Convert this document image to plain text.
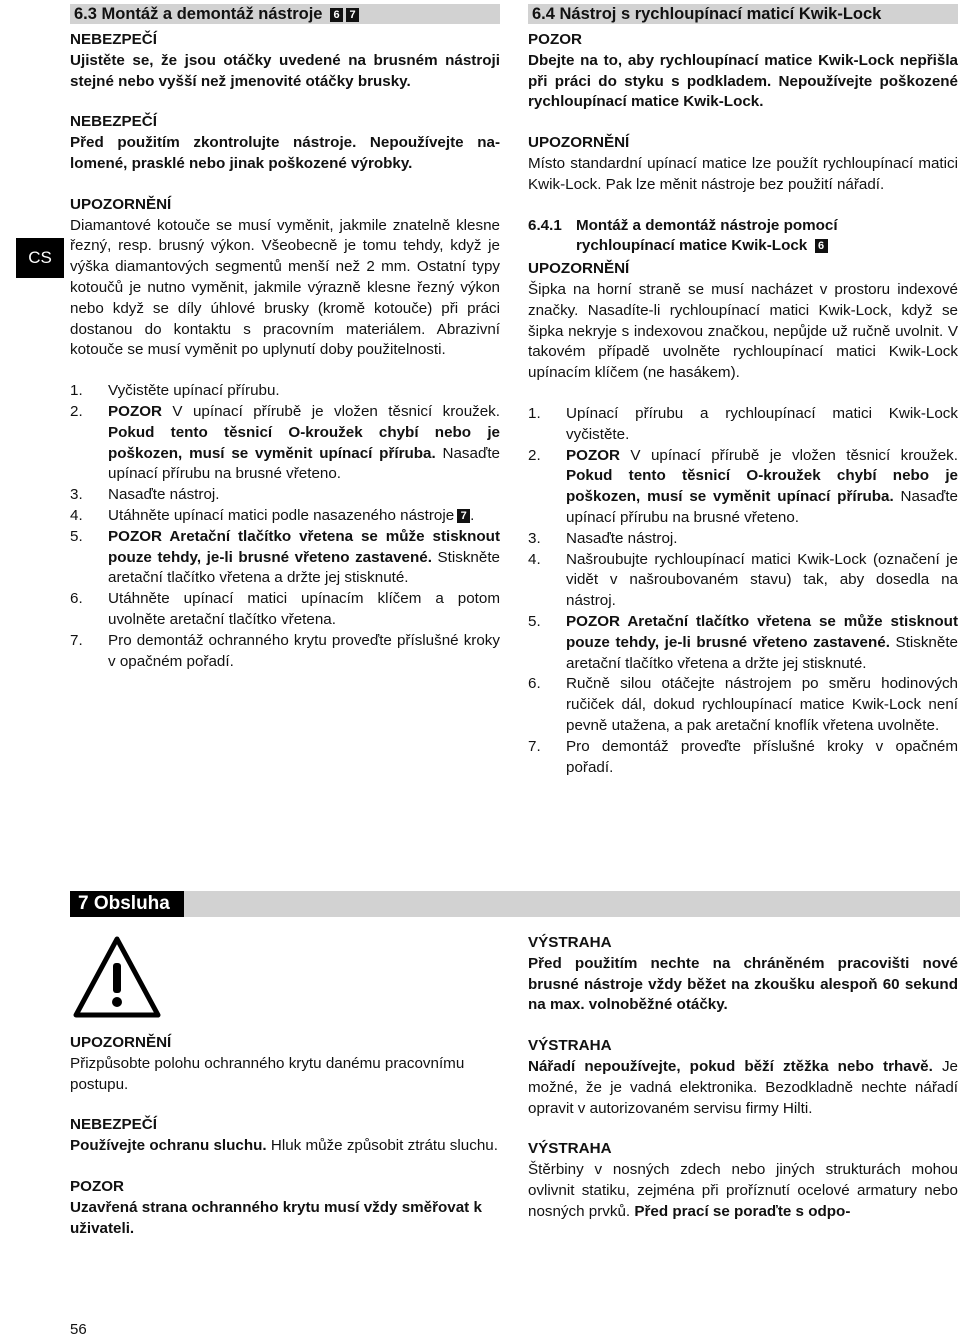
CS
6.3 Montáž a demontáž nástroje 6 7

NEBEZPEČÍ

Ujistěte se, že jsou otáčky uvedené na brusném nástroji stejné nebo vyšší než jmenovité otáčky brusky.

NEBEZPEČÍ

Před použitím zkontrolujte nástroje. Nepoužívejte nalomené, prasklé nebo jinak poškozené výrobky.

UPOZORNĚNÍ

Diamantové kotouče se musí vyměnit, jakmile znatelně klesne řezný, resp. brusný výkon. Všeobecně je tomu tehdy, když je výška diamantových segmentů menší než 2 mm. Ostatní typy kotoučů je nutno vyměnit, jakmile výrazně klesne řezný výkon nebo když se díly úhlové brusky (kromě kotouče) při práci dostanou do kontaktu s pracovním materiálem. Abrazivní kotouče se musí vyměnit po uplynutí doby použitelnosti.

1. Vyčistěte upínací přírubu.
2. POZOR V upínací přírubě je vložen těsnicí kroužek. Pokud tento těsnicí O-kroužek chybí nebo je poškozen, musí se vyměnit upínací příruba. Nasaďte upínací přírubu na brusné vřeteno.
3. Nasaďte nástroj.
4. Utáhněte upínací matici podle nasazeného nástroje 7 .
5. POZOR Aretační tlačítko vřetena se může stisknout pouze tehdy, je-li brusné vřeteno zastavené. Stiskněte aretační tlačítko vřetena a držte jej stisknuté.
6. Utáhněte upínací matici upínacím klíčem a potom uvolněte aretační tlačítko vřetena.
7. Pro demontáž ochranného krytu proveďte příslušné kroky v opačném pořadí.
6.4 Nástroj s rychloupínací maticí Kwik-Lock

POZOR

Dbejte na to, aby rychloupínací matice Kwik-Lock nepřišla při práci do styku s podkladem. Nepoužívejte poškozené rychloupínací matice Kwik-Lock.

UPOZORNĚNÍ

Místo standardní upínací matice lze použít rychloupínací matici Kwik-Lock. Pak lze měnit nástroje bez použití nářadí.

6.4.1 Montáž a demontáž nástroje pomocí

rychloupínací matice Kwik-Lock 6

UPOZORNĚNÍ

Šipka na horní straně se musí nacházet v prostoru indexové značky. Nasadíte-li rychloupínací matici Kwik-Lock, když se šipka nekryje s indexovou značkou, nepůjde už ručně uvolnit. V takovém případě uvolněte rychloupínací matici Kwik-Lock upínacím klíčem (ne hasákem).

1. Upínací přírubu a rychloupínací matici Kwik-Lock vyčistěte.
2. POZOR V upínací přírubě je vložen těsnicí kroužek. Pokud tento těsnicí O-kroužek chybí nebo je poškozen, musí se vyměnit upínací příruba. Nasaďte upínací přírubu na brusné vřeteno.
3. Nasaďte nástroj.
4. Našroubujte rychloupínací matici Kwik-Lock (označení je vidět v našroubovaném stavu) tak, aby dosedla na nástroj.
5. POZOR Aretační tlačítko vřetena se může stisknout pouze tehdy, je-li brusné vřeteno zastavené. Stiskněte aretační tlačítko vřetena a držte jej stisknuté.
6. Ručně silou otáčejte nástrojem po směru hodinových ručiček dál, dokud rychloupínací matice Kwik-Lock není pevně utažena, a pak aretační knoflík vřetena uvolněte.
7. Pro demontáž proveďte příslušné kroky v opačném pořadí.
7 Obsluha

UPOZORNĚNÍ

Přizpůsobte polohu ochranného krytu danému pracovnímu postupu.

NEBEZPEČÍ

Používejte ochranu sluchu. Hluk může způsobit ztrátu sluchu.

POZOR

Uzavřená strana ochranného krytu musí vždy směřovat k uživateli.

VÝSTRAHA

Před použitím nechte na chráněném pracovišti nové brusné nástroje vždy běžet na zkoušku alespoň 60 sekund na max. volnoběžné otáčky.

VÝSTRAHA

Nářadí nepoužívejte, pokud běží ztěžka nebo trhavě. Je možné, že je vadná elektronika. Bezodkladně nechte nářadí opravit v autorizovaném servisu firmy Hilti.

VÝSTRAHA

Štěrbiny v nosných zdech nebo jiných strukturách mohou ovlivnit statiku, zejména při proříznutí ocelové armatury nebo nosných prvků. Před prací se poraďte s odpo-

56
